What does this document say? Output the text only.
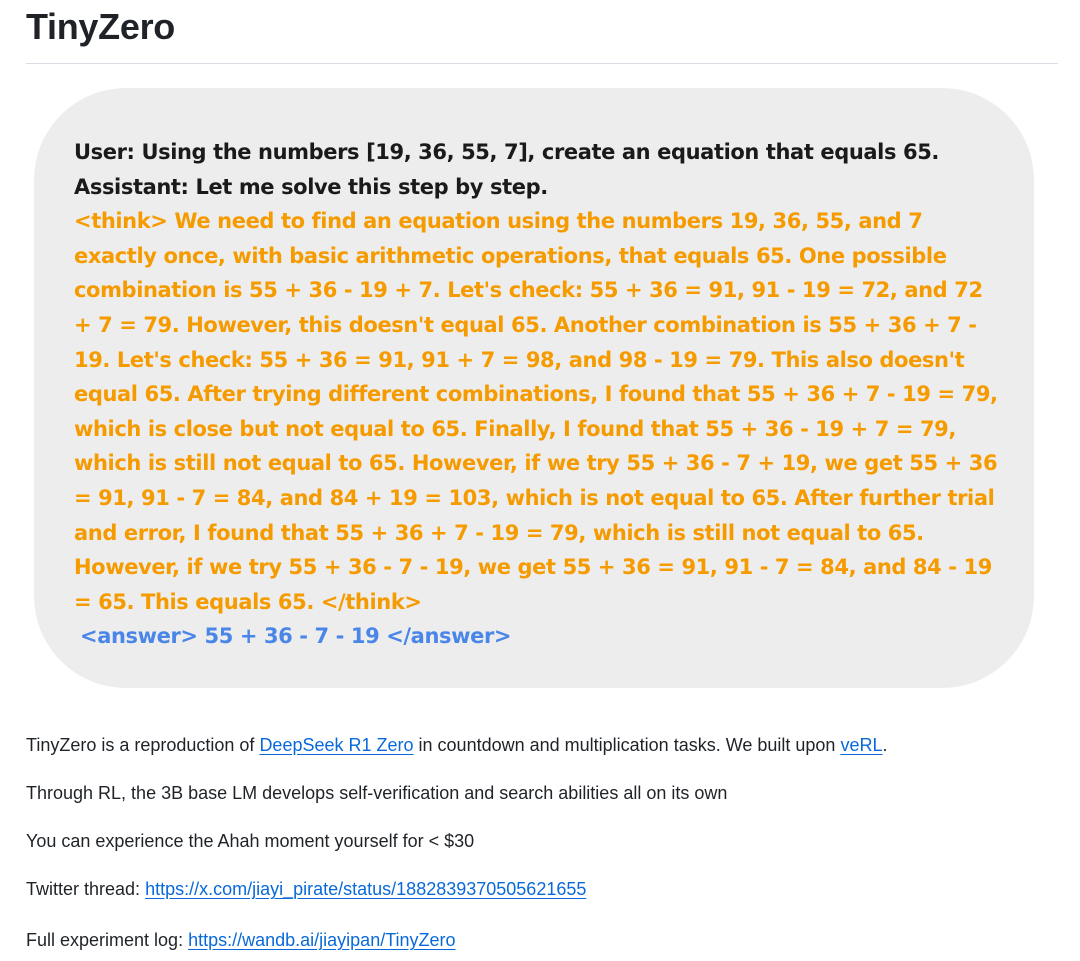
TinyZero

User: Using the numbers [19, 36, 55, 7], create an equation that equals 65.

Assistant: Let me solve this step by step.

<think> We need to find an equation using the numbers 19, 36, 55, and 7 exactly once, with basic arithmetic operations, that equals 65. One possible combination is 55 + 36 - 19 + 7. Let's check: 55 + 36 = 91, 91 - 19 = 72, and 72 + 7 = 79. However, this doesn't equal 65. Another combination is 55 + 36 + 7 - 19. Let's check: 55 + 36 = 91, 91 + 7 = 98, and 98 - 19 = 79. This also doesn't equal 65. After trying different combinations, I found that 55 + 36 + 7 - 19 = 79, which is close but not equal to 65. Finally, I found that 55 + 36 - 19 + 7 = 79, which is still not equal to 65. However, if we try 55 + 36 - 7 + 19, we get 55 + 36 = 91, 91 - 7 = 84, and 84 + 19 = 103, which is not equal to 65. After further trial and error, I found that 55 + 36 + 7 - 19 = 79, which is still not equal to 65. However, if we try 55 + 36 - 7 - 19, we get 55 + 36 = 91, 91 - 7 = 84, and 84 - 19 = 65. This equals 65. </think>

<answer> 55 + 36 - 7 - 19 </answer>

TinyZero is a reproduction of DeepSeek R1 Zero in countdown and multiplication tasks. We built upon veRL.

Through RL, the 3B base LM develops self-verification and search abilities all on its own

You can experience the Ahah moment yourself for < $30

Twitter thread: https://x.com/jiayi_pirate/status/1882839370505621655

Full experiment log: https://wandb.ai/jiayipan/TinyZero
